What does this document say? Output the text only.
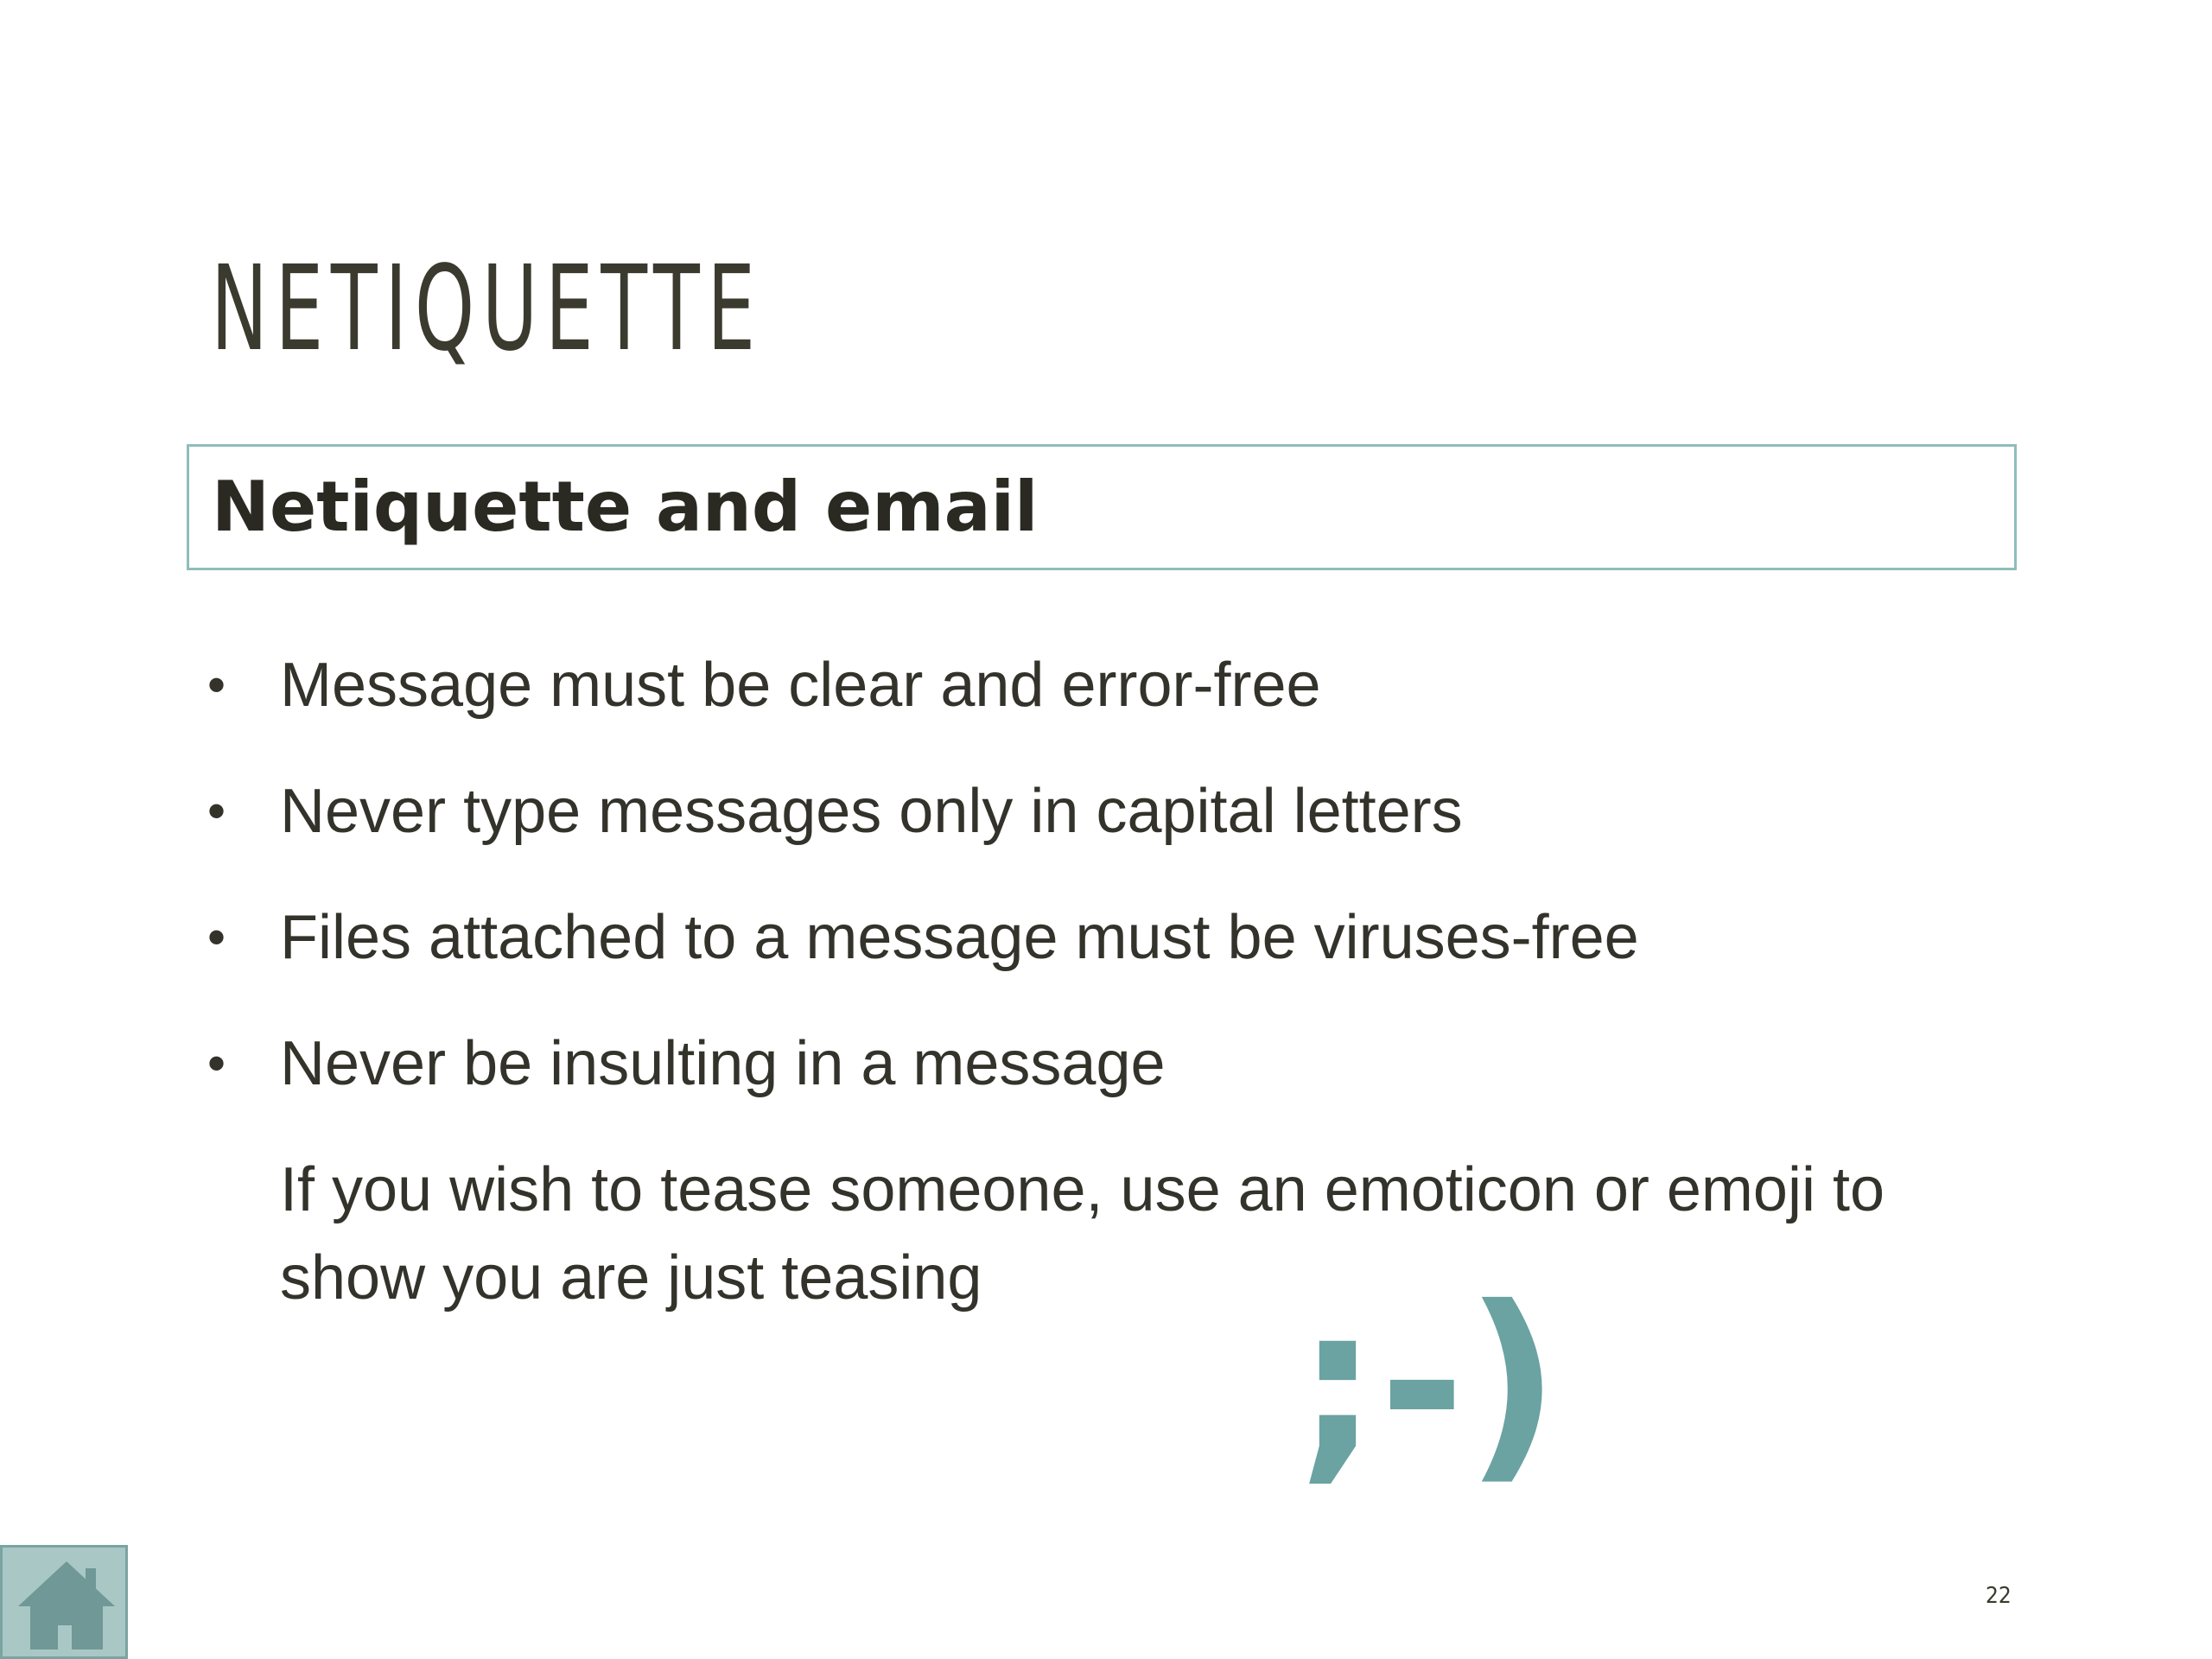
NETIQUETTE
Netiquette and email
• Message must be clear and error-free
• Never type messages only in capital letters
• Files attached to a message must be viruses-free
• Never be insulting in a message

If you wish to tease someone, use an emoticon or emoji to show you are just teasing	;-)
22
